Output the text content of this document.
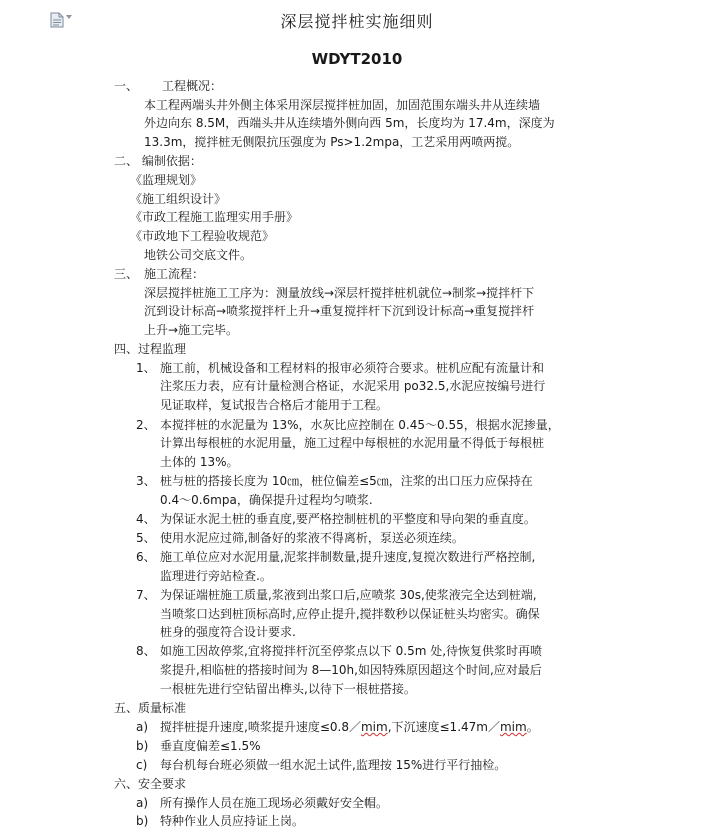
深层搅拌桩实施细则
WDYT2010
一、 工程概况：
本工程两端头井外侧主体采用深层搅拌桩加固，加固范围东端头井从连续墙
外边向东 8.5M，西端头井从连续墙外侧向西 5m，长度均为 17.4m，深度为
13.3m，搅拌桩无侧限抗压强度为 Ps>1.2mpa，工艺采用两喷两搅。
二、 编制依据：
《监理规划》
《施工组织设计》
《市政工程施工监理实用手册》
《市政地下工程验收规范》
地铁公司交底文件。
三、 施工流程：
深层搅拌桩施工工序为：测量放线→深层杆搅拌桩机就位→制浆→搅拌杆下
沉到设计标高→喷浆搅拌杆上升→重复搅拌杆下沉到设计标高→重复搅拌杆
上升→施工完毕。
四、过程监理
1、 施工前，机械设备和工程材料的报审必须符合要求。桩机应配有流量计和
注浆压力表，应有计量检测合格证，水泥采用 po32.5,水泥应按编号进行
见证取样，复试报告合格后才能用于工程。
2、 本搅拌桩的水泥量为 13%，水灰比应控制在 0.45～0.55，根据水泥掺量，
计算出每根桩的水泥用量，施工过程中每根桩的水泥用量不得低于每根桩
土体的 13%。
3、 桩与桩的搭接长度为 10㎝，桩位偏差≤5㎝，注浆的出口压力应保持在
0.4～0.6mpa，确保提升过程均匀喷浆.
4、 为保证水泥土桩的垂直度,要严格控制桩机的平整度和导向架的垂直度。
5、 使用水泥应过筛,制备好的浆液不得离析，泵送必须连续。
6、 施工单位应对水泥用量,泥浆拌制数量,提升速度,复搅次数进行严格控制,
监理进行旁站检查.。
7、 为保证端桩施工质量,浆液到出浆口后,应喷浆 30s,使浆液完全达到桩端,
当喷浆口达到桩顶标高时,应停止提升,搅拌数秒以保证桩头均密实。确保
桩身的强度符合设计要求.
8、 如施工因故停浆,宜将搅拌杆沉至停浆点以下 0.5m 处,待恢复供浆时再喷
浆提升,相临桩的搭接时间为 8—10h,如因特殊原因超这个时间,应对最后
一根桩先进行空钻留出榫头,以待下一根桩搭接。
五、质量标准
a) 搅拌桩提升速度,喷浆提升速度≤0.8／mim,下沉速度≤1.47m／mim。
b) 垂直度偏差≤1.5%
c) 每台机每台班必须做一组水泥土试件,监理按 15%进行平行抽检。
六、安全要求
a) 所有操作人员在施工现场必须戴好安全帽。
b) 特种作业人员应持证上岗。
